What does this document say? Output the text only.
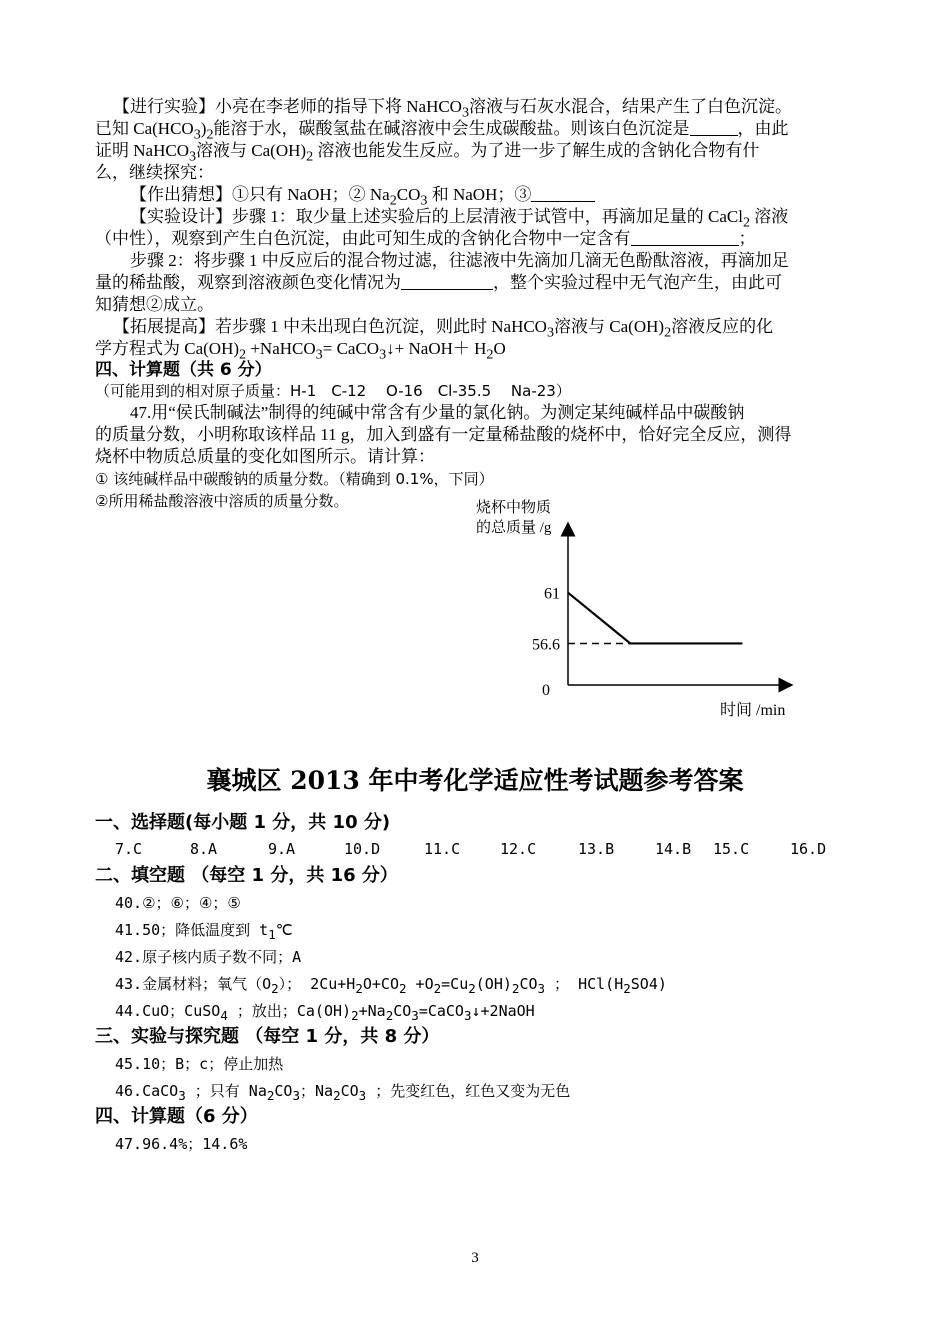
【进行实验】小亮在李老师的指导下将 NaHCO$_3$溶液与石灰水混合，结果产生了白色沉淀。
已知 $Ca(HCO_3)_2$能溶于水，碳酸氢盐在碱溶液中会生成碳酸盐。则该白色沉淀是	，由此
证明 NaHCO$_3$溶液与 $Ca(OH)_2$ 溶液也能发生反应。为了进一步了解生成的含钠化合物有什
么，继续探究：
【作出猜想】①只有 NaOH；② $Na_2CO_3$ 和 NaOH；③
【实验设计】步骤 1：取少量上述实验后的上层清液于试管中，再滴加足量的 CaCl$_2$ 溶液
（中性），观察到产生白色沉淀，由此可知生成的含钠化合物中一定含有	；
步骤 2：将步骤 1 中反应后的混合物过滤，往滤液中先滴加几滴无色酚酞溶液，再滴加足
量的稀盐酸，观察到溶液颜色变化情况为	，整个实验过程中无气泡产生，由此可
知猜想②成立。
【拓展提高】若步骤 1 中未出现白色沉淀，则此时 NaHCO$_3$溶液与 $Ca(OH)_2$溶液反应的化
学方程式为 $Ca(OH)_2$ +NaHCO$_3$= CaCO$_3$↓+ NaOH＋ $H_2O$
四、计算题（共 6 分）
（可能用到的相对原子质量：H-1　C-12　 O-16　Cl-35.5　 Na-23）
47.用“侯氏制碱法”制得的纯碱中常含有少量的氯化钠。为测定某纯碱样品中碳酸钠
的质量分数，小明称取该样品 11 g，加入到盛有一定量稀盐酸的烧杯中，恰好完全反应，测得
烧杯中物质总质量的变化如图所示。请计算：
① 该纯碱样品中碳酸钠的质量分数。（精确到 0.1%，下同）
②所用稀盐酸溶液中溶质的质量分数。	烧杯中物质
的总质量 /g
0
时间 /min
61
56.6
襄城区 2013 年中考化学适应性考试题参考答案
一、选择题(每小题 1 分，共 10 分)
7.C	8.A	9.A	10.D	11.C	12.C	13.B	14.B 15.C	16.D
二、填空题 （每空 1 分，共 16 分）
40.②；⑥；④；⑤
41.50；降低温度到 $t_1℃$
42.原子核内质子数不同；A
43.金属材料；氧气$(O_2)$； $2Cu+H_2O+CO_2 +O_2=Cu_2(OH)_2CO_3$ ； $HCl(H_2SO4)$
44.CuO；CuSO$_4$ ；放出；$Ca(OH)_2+Na_2CO_3=CaCO_3↓+2NaOH$
三、实验与探究题 （每空 1 分，共 8 分）
45.10；B；c；停止加热
46.CaCO$_3$ ；只有 $Na_2CO_3$；$Na_2CO_3$ ；先变红色，红色又变为无色
四、计算题（6 分）
47.96.4%；14.6%
3
